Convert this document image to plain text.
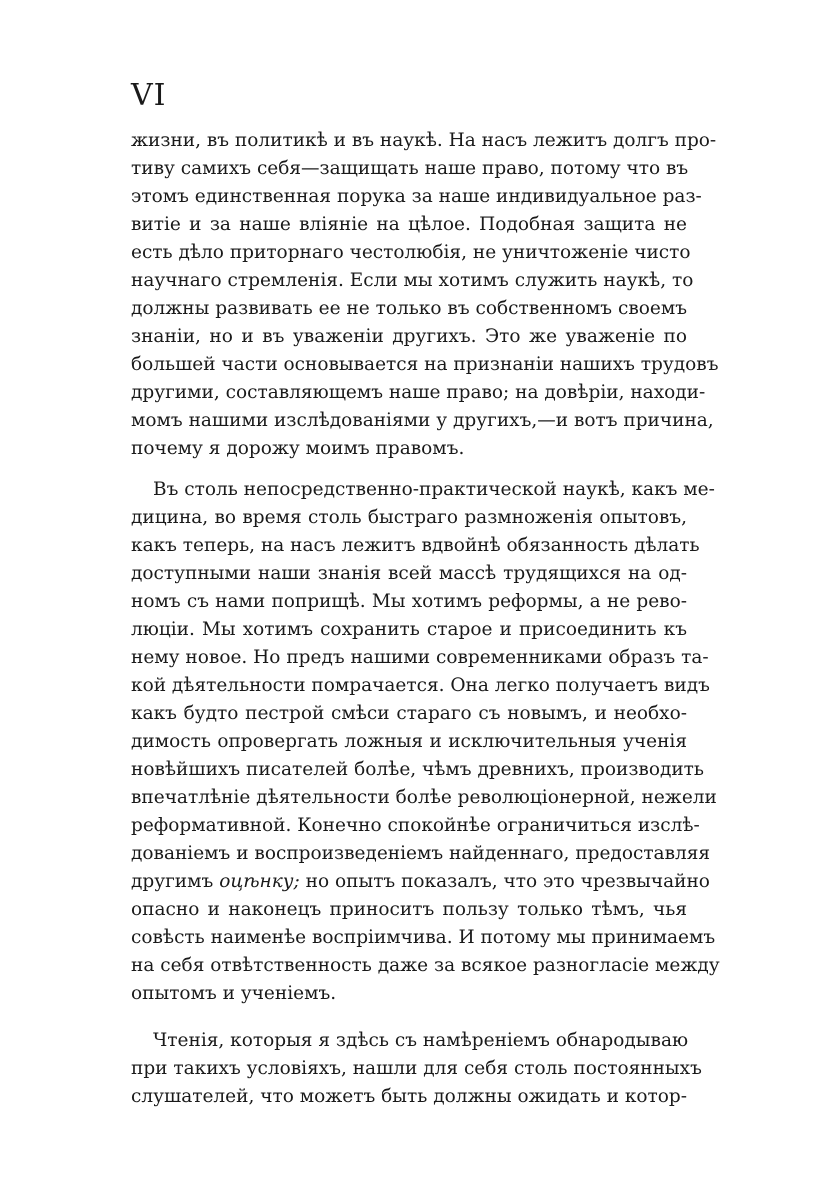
VI
жизни, въ политикѣ и въ наукѣ. На насъ лежитъ долгъ про-
тиву самихъ себя—защищать наше право, потому что въ
этомъ единственная порука за наше индивидуальное раз-
витіе и за наше вліяніе на цѣлое. Подобная защита не
есть дѣло приторнаго честолюбія, не уничтоженіе чисто
научнаго стремленія. Если мы хотимъ служить наукѣ, то
должны развивать ее не только въ собственномъ своемъ
знаніи, но и въ уваженіи другихъ. Это же уваженіе по
большей части основывается на признаніи нашихъ трудовъ
другими, составляющемъ наше право; на довѣріи, находи-
момъ нашими изслѣдованіями у другихъ,—и вотъ причина,
почему я дорожу моимъ правомъ.
Въ столь непосредственно-практической наукѣ, какъ ме-
дицина, во время столь быстраго размноженія опытовъ,
какъ теперь, на насъ лежитъ вдвойнѣ обязанность дѣлать
доступными наши знанія всей массѣ трудящихся на од-
номъ съ нами поприщѣ. Мы хотимъ реформы, а не рево-
люціи. Мы хотимъ сохранить старое и присоединить къ
нему новое. Но предъ нашими современниками образъ та-
кой дѣятельности помрачается. Она легко получаетъ видъ
какъ будто пестрой смѣси стараго съ новымъ, и необхо-
димость опровергать ложныя и исключительныя ученія
новѣйшихъ писателей болѣе, чѣмъ древнихъ, производить
впечатлѣніе дѣятельности болѣе революціонерной, нежели
реформативной. Конечно спокойнѣе ограничиться изслѣ-
дованіемъ и воспроизведеніемъ найденнаго, предоставляя
другимъ оцѣнку; но опытъ показалъ, что это чрезвычайно
опасно и наконецъ приноситъ пользу только тѣмъ, чья
совѣсть наименѣе воспріимчива. И потому мы принимаемъ
на себя отвѣтственность даже за всякое разногласіе между
опытомъ и ученіемъ.
Чтенія, которыя я здѣсь съ намѣреніемъ обнародываю
при такихъ условіяхъ, нашли для себя столь постоянныхъ
слушателей, что можетъ быть должны ожидать и котор-
